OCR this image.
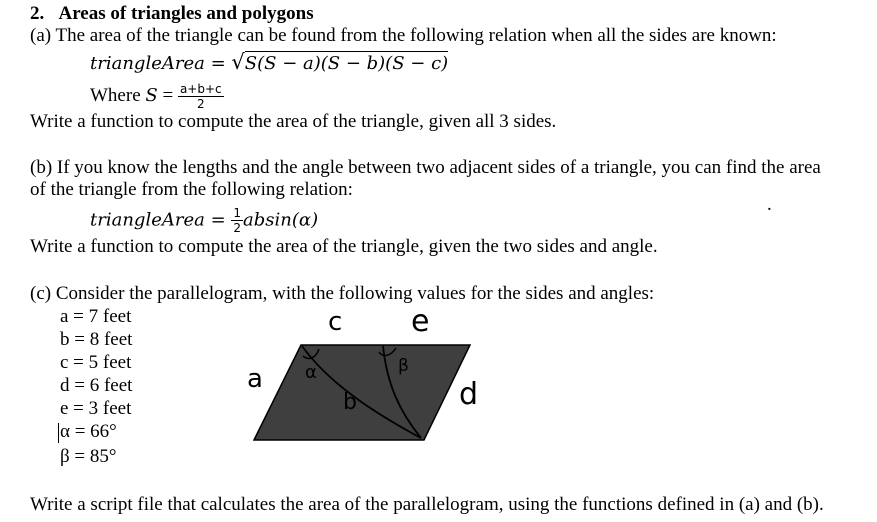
2. Areas of triangles and polygons
(a) The area of the triangle can be found from the following relation when all the sides are known:
triangleArea = √S(S − a)(S − b)(S − c)
Where $S = \frac{a+b+c}{2}$
Write a function to compute the area of the triangle, given all 3 sides.
(b) If you know the lengths and the angle between two adjacent sides of a triangle, you can find the area
of the triangle from the following relation:
triangleArea = $\frac{1}{2} absin(\alpha)$
.
Write a function to compute the area of the triangle, given the two sides and angle.
(c) Consider the parallelogram, with the following values for the sides and angles:
a = 7 feet
b = 8 feet
c = 5 feet
d = 6 feet
e = 3 feet
α = 66°
β = 85°
c e
a
b	d
α	β
Write a script file that calculates the area of the parallelogram, using the functions defined in (a) and (b).
